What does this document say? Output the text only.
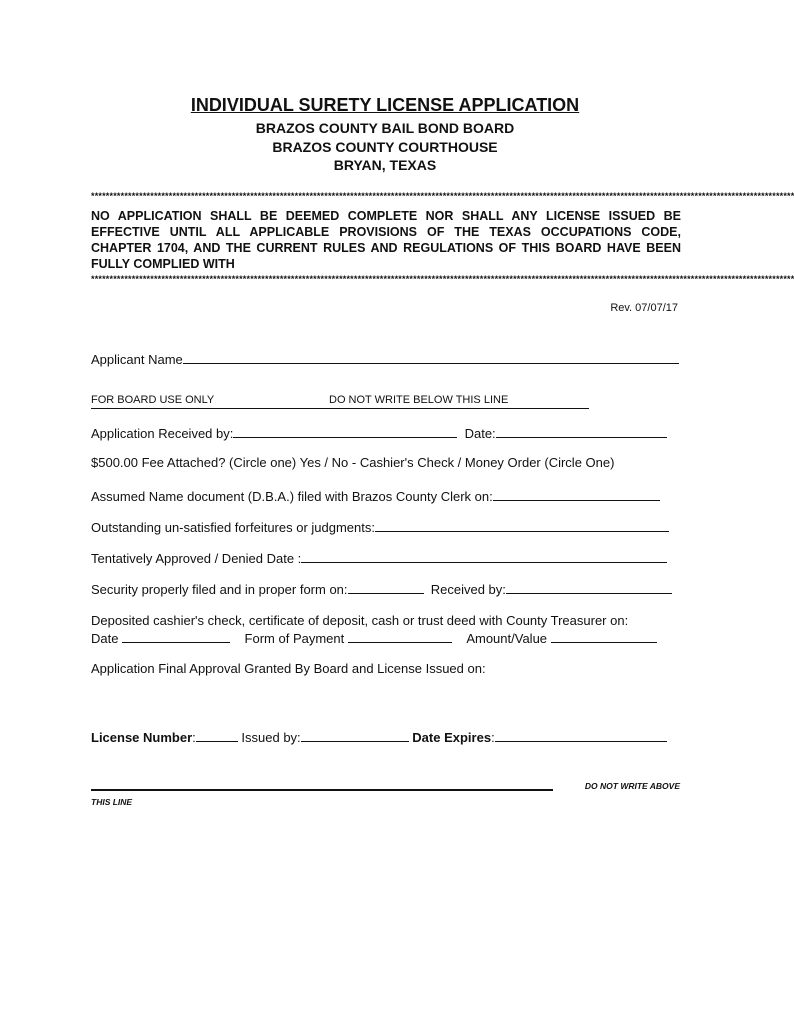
INDIVIDUAL SURETY LICENSE APPLICATION
BRAZOS COUNTY BAIL BOND BOARD
BRAZOS COUNTY COURTHOUSE
BRYAN, TEXAS
**********************************************************************************************************************************************************************************************
NO APPLICATION SHALL BE DEEMED COMPLETE NOR SHALL ANY LICENSE ISSUED BE EFFECTIVE UNTIL ALL APPLICABLE PROVISIONS OF THE TEXAS OCCUPATIONS CODE, CHAPTER 1704, AND THE CURRENT RULES AND REGULATIONS OF THIS BOARD HAVE BEEN FULLY COMPLIED WITH
**********************************************************************************************************************************************************************************************
Rev. 07/07/17
Applicant Name
FOR BOARD USE ONLY	DO NOT WRITE BELOW THIS LINE
Application Received by:	Date:
$500.00 Fee Attached? (Circle one) Yes / No - Cashier's Check / Money Order (Circle One)
Assumed Name document (D.B.A.) filed with Brazos County Clerk on:
Outstanding un-satisfied forfeitures or judgments:
Tentatively Approved / Denied Date :
Security properly filed and in proper form on:	Received by:
Deposited cashier's check, certificate of deposit, cash or trust deed with County Treasurer on:
Date	Form of Payment	Amount/Value
Application Final Approval Granted By Board and License Issued on:
License Number:	Issued by:	Date Expires:
DO NOT WRITE ABOVE
THIS LINE
